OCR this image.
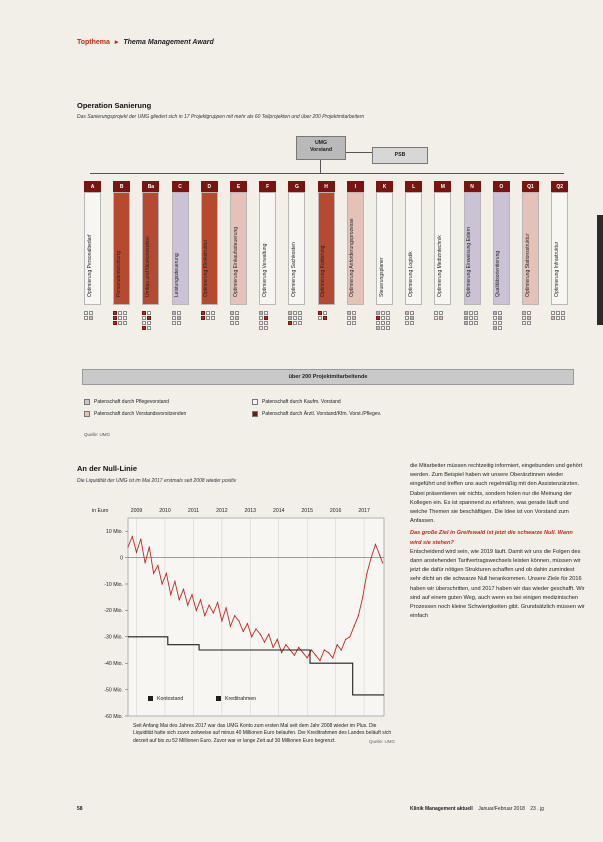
Topthema ▸ Thema Management Award
Operation Sanierung
Das Sanierungsprojekt der UMG gliedert sich in 17 Projektgruppen mit mehr als 60 Teilprojekten und über 200 Projektmitarbeitern
UMG
Vorstand
PSB
A
Optimierung Personalbedarf
B
Personalentwicklung
Ba
Umbau und Neukonzeption
C
Leistungssteuerung
D
Optimierung Klinikstruktur
E
Optimierung Einkaufssteuerung
F
Optimierung Verwaltung
G
Optimierung Sachkosten
H
Optimierung Kodierung
I
Optimierung Anforderungsprozesse
K
Steuerungsplaner
L
Optimierung Logistik
M
Optimierung Medizintechnik
N
Optimierung Einweisung Extern
O
Qualitätsorientierung
Q1
Optimierung Stationsstruktur
Q2
Optimierung Infrastruktur
über 200 Projektmitarbeitende
Patenschaft durch Pflegevorstand	Patenschaft durch Kaufm. Vorstand
Patenschaft durch Vorstandsvorsitzenden	Patenschaft durch Ärztl. Vorstand/Kfm. Vorst./Pflegev.
Quelle: UMG
An der Null-Linie
Die Liquidität der UMG ist im Mai 2017 erstmals seit 2008 wieder positiv
in Euro	2009	2010	2011	2012	2013	2014	2015	2016	2017
10 Mio.
0
-10 Mio.
-20 Mio.
-30 Mio.
-40 Mio.
-50 Mio.
-60 Mio.
Kontostand	Kreditrahmen
Seit Anfang Mai des Jahres 2017 war das UMG Konto zum ersten Mal seit dem Jahr 2008 wieder im Plus. Die Liquidität hatte sich zuvor zeitweise auf minus 40 Millionen Euro belaufen. Der Kreditrahmen des Landes beläuft sich derzeit auf bis zu 52 Millionen Euro. Zuvor war er lange Zeit auf 30 Millionen Euro begrenzt.	Quelle: UMG

die Mitarbeiter müssen rechtzeitig informiert, eingebunden und gehört werden. Zum Beispiel haben wir unsere Oberärztinnen wieder eingeführt und treffen uns auch regelmäßig mit den Assistenzärzten. Dabei präsentieren wir nichts, sondern holen nur die Meinung der Kollegen ein. Es ist spannend zu erfahren, was gerade läuft und welche Themen sie beschäftigen. Die Idee ist von Vorstand zum Anfassen.

Das große Ziel in Greifswald ist jetzt die schwarze Null. Wann wird sie stehen?

Entscheidend wird sein, wie 2019 läuft. Damit wir uns die Folgen des dann anstehenden Tarifvertragswechsels leisten können, müssen wir jetzt die dafür nötigen Strukturen schaffen und ob dahin zumindest sehr dicht an die schwarze Null herankommen. Unsere Ziele für 2016 haben wir überschritten, und 2017 haben wir das wieder geschafft. Wir sind auf einem guten Weg, auch wenn es bei einigen medizinischen Prozessen noch kleine Schwierigkeiten gibt. Grundsätzlich müssen wir einfach

58	Klinik Management aktuell Januar/Februar 2018 23 . jg
